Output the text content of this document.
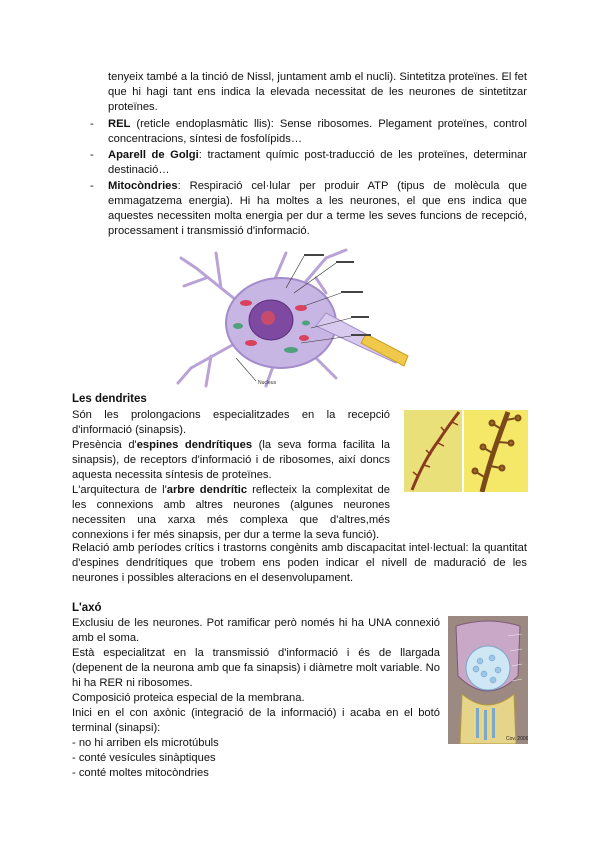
tenyeix també a la tinció de Nissl, juntament amb el nucli). Sintetitza proteïnes. El fet que hi hagi tant ens indica la elevada necessitat de les neurones de sintetitzar proteïnes.

- REL (reticle endoplasmàtic llis): Sense ribosomes. Plegament proteïnes, control concentracions, síntesi de fosfolípids…

- Aparell de Golgi: tractament químic post-traducció de les proteïnes, determinar destinació…

- Mitocòndries: Respiració cel·lular per produir ATP (tipus de molècula que emmagatzema energia). Hi ha moltes a les neurones, el que ens indica que aquestes necessiten molta energia per dur a terme les seves funcions de recepció, processament i transmissió d'informació.

Nucleus
Les dendrites

Són les prolongacions especialitzades en la recepció d'informació (sinapsis).

Presència d'espines dendrítiques (la seva forma facilita la sinapsis), de receptors d'informació i de ribosomes, així doncs aquesta necessita síntesis de proteïnes.

L'arquitectura de l'arbre dendrític reflecteix la complexitat de les connexions amb altres neurones (algunes neurones necessiten una xarxa més complexa que d'altres,més connexions i fer més sinapsis, per dur a terme la seva funció).

Relació amb períodes crítics i trastorns congènits amb discapacitat intel·lectual: la quantitat d'espines dendrítiques que trobem ens poden indicar el nivell de maduració de les neurones i possibles alteracions en el desenvolupament.

L'axó

Exclusiu de les neurones. Pot ramificar però només hi ha UNA connexió amb el soma.

Està especialitzat en la transmissió d'informació i és de llargada (depenent de la neurona amb que fa sinapsis) i diàmetre molt variable. No hi ha RER ni ribosomes.

Composició proteica especial de la membrana.

Inici en el con axònic (integració de la informació) i acaba en el botó terminal (sinapsi):

- no hi arriben els microtúbuls

- conté vesícules sinàptiques

- conté moltes mitocòndries

Cov. 2006
